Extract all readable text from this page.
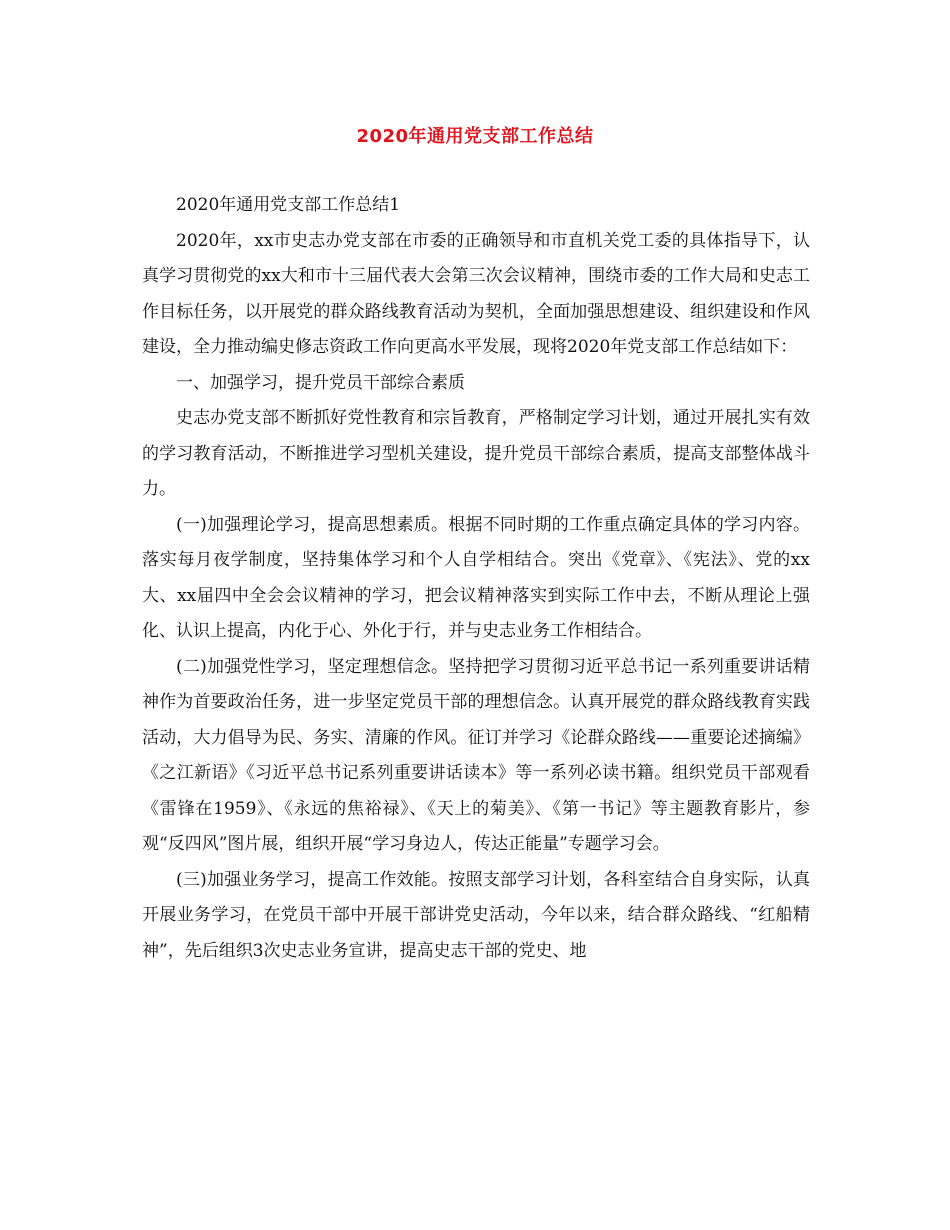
2020年通用党支部工作总结

2020年通用党支部工作总结1

2020年，xx市史志办党支部在市委的正确领导和市直机关党工委的具体指导下，认真学习贯彻党的xx大和市十三届代表大会第三次会议精神，围绕市委的工作大局和史志工作目标任务，以开展党的群众路线教育活动为契机，全面加强思想建设、组织建设和作风建设，全力推动编史修志资政工作向更高水平发展，现将2020年党支部工作总结如下：

一、加强学习，提升党员干部综合素质

史志办党支部不断抓好党性教育和宗旨教育，严格制定学习计划，通过开展扎实有效的学习教育活动，不断推进学习型机关建设，提升党员干部综合素质，提高支部整体战斗力。

(一)加强理论学习，提高思想素质。根据不同时期的工作重点确定具体的学习内容。落实每月夜学制度，坚持集体学习和个人自学相结合。突出《党章》、《宪法》、党的xx大、xx届四中全会会议精神的学习，把会议精神落实到实际工作中去，不断从理论上强化、认识上提高，内化于心、外化于行，并与史志业务工作相结合。

(二)加强党性学习，坚定理想信念。坚持把学习贯彻习近平总书记一系列重要讲话精神作为首要政治任务，进一步坚定党员干部的理想信念。认真开展党的群众路线教育实践活动，大力倡导为民、务实、清廉的作风。征订并学习《论群众路线——重要论述摘编》《之江新语》《习近平总书记系列重要讲话读本》等一系列必读书籍。组织党员干部观看《雷锋在1959》、《永远的焦裕禄》、《天上的菊美》、《第一书记》等主题教育影片，参观“反四风”图片展，组织开展“学习身边人，传达正能量”专题学习会。

(三)加强业务学习，提高工作效能。按照支部学习计划，各科室结合自身实际，认真开展业务学习，在党员干部中开展干部讲党史活动，今年以来，结合群众路线、“红船精神”，先后组织3次史志业务宣讲，提高史志干部的党史、地
